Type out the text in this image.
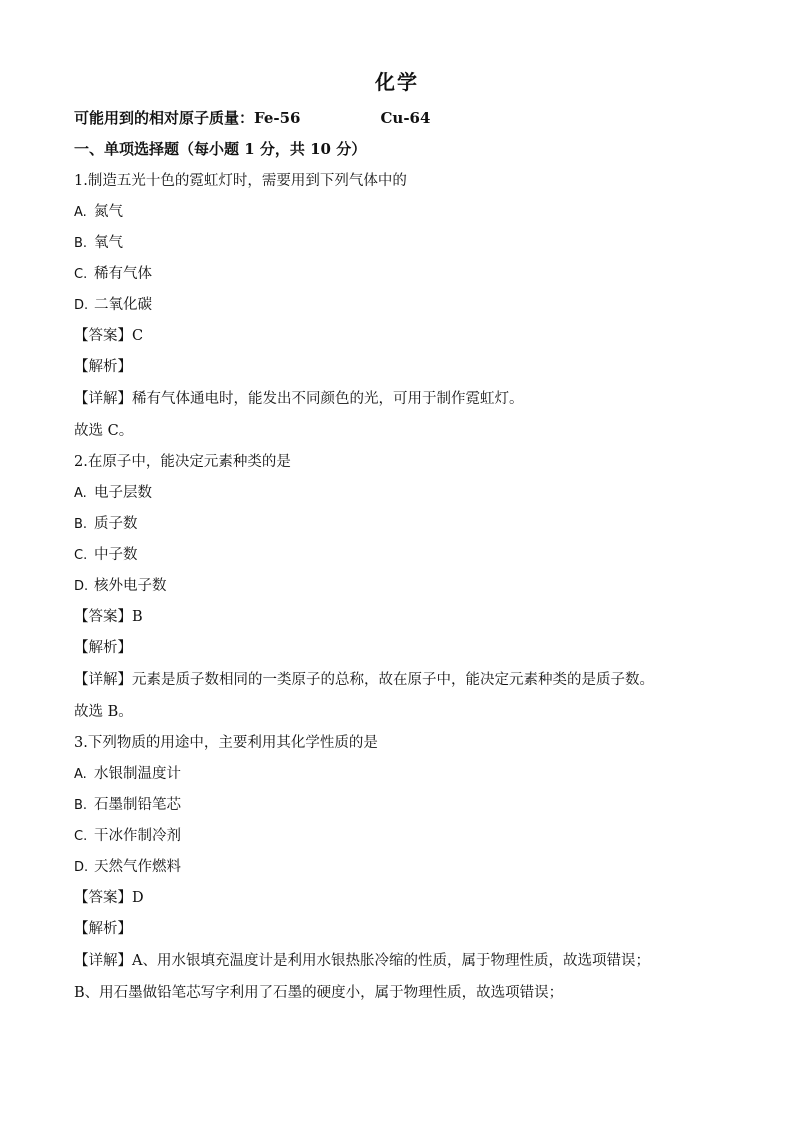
化学
可能用到的相对原子质量：Fe-56	Cu-64
一、单项选择题（每小题 1 分，共 10 分）
1.制造五光十色的霓虹灯时，需要用到下列气体中的
A. 氮气
B. 氧气
C. 稀有气体
D. 二氧化碳
【答案】C
【解析】
【详解】稀有气体通电时，能发出不同颜色的光，可用于制作霓虹灯。
故选 C。
2.在原子中，能决定元素种类的是
A. 电子层数
B. 质子数
C. 中子数
D. 核外电子数
【答案】B
【解析】
【详解】元素是质子数相同的一类原子的总称，故在原子中，能决定元素种类的是质子数。
故选 B。
3.下列物质的用途中，主要利用其化学性质的是
A. 水银制温度计
B. 石墨制铅笔芯
C. 干冰作制冷剂
D. 天然气作燃料
【答案】D
【解析】
【详解】A、用水银填充温度计是利用水银热胀冷缩的性质，属于物理性质，故选项错误；
B、用石墨做铅笔芯写字利用了石墨的硬度小，属于物理性质，故选项错误；
